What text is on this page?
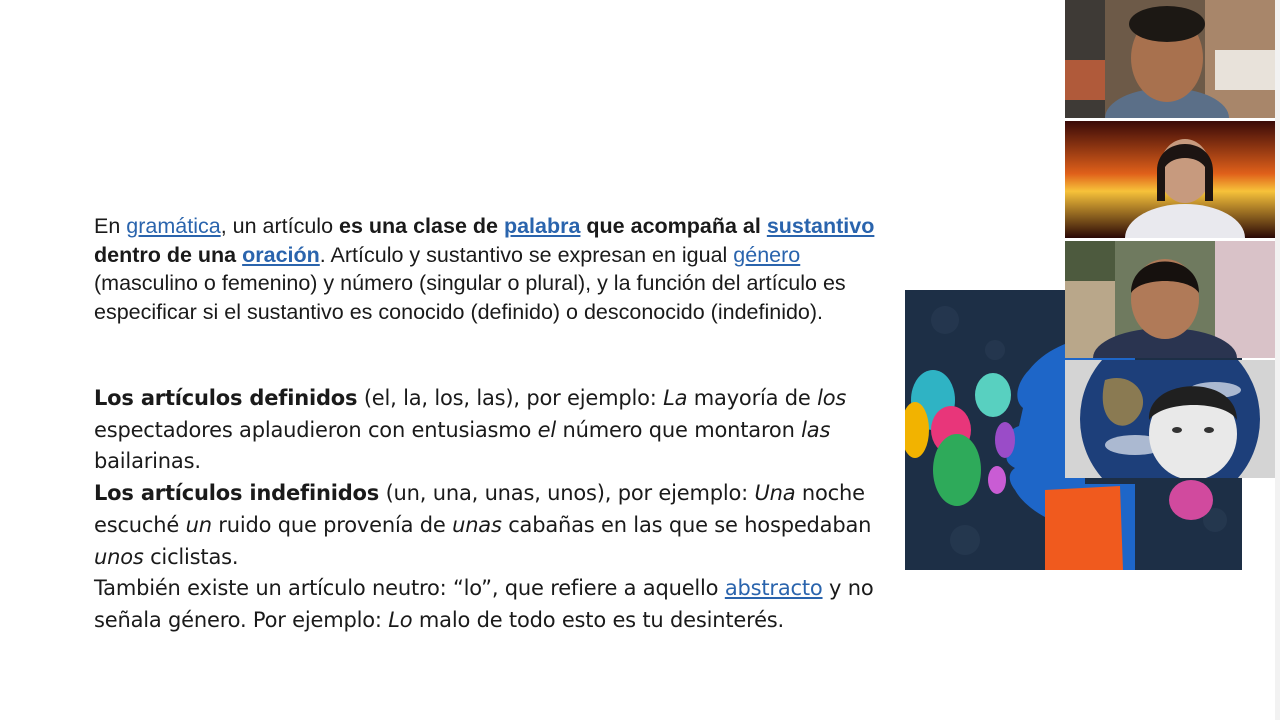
En gramática, un artículo es una clase de palabra que acompaña al sustantivo dentro de una oración. Artículo y sustantivo se expresan en igual género (masculino o femenino) y número (singular o plural), y la función del artículo es especificar si el sustantivo es conocido (definido) o desconocido (indefinido).
Los artículos definidos (el, la, los, las), por ejemplo: La mayoría de los espectadores aplaudieron con entusiasmo el número que montaron las bailarinas.
Los artículos indefinidos (un, una, unas, unos), por ejemplo: Una noche escuché un ruido que provenía de unas cabañas en las que se hospedaban unos ciclistas.
También existe un artículo neutro: “lo”, que refiere a aquello abstracto y no señala género. Por ejemplo: Lo malo de todo esto es tu desinterés.
